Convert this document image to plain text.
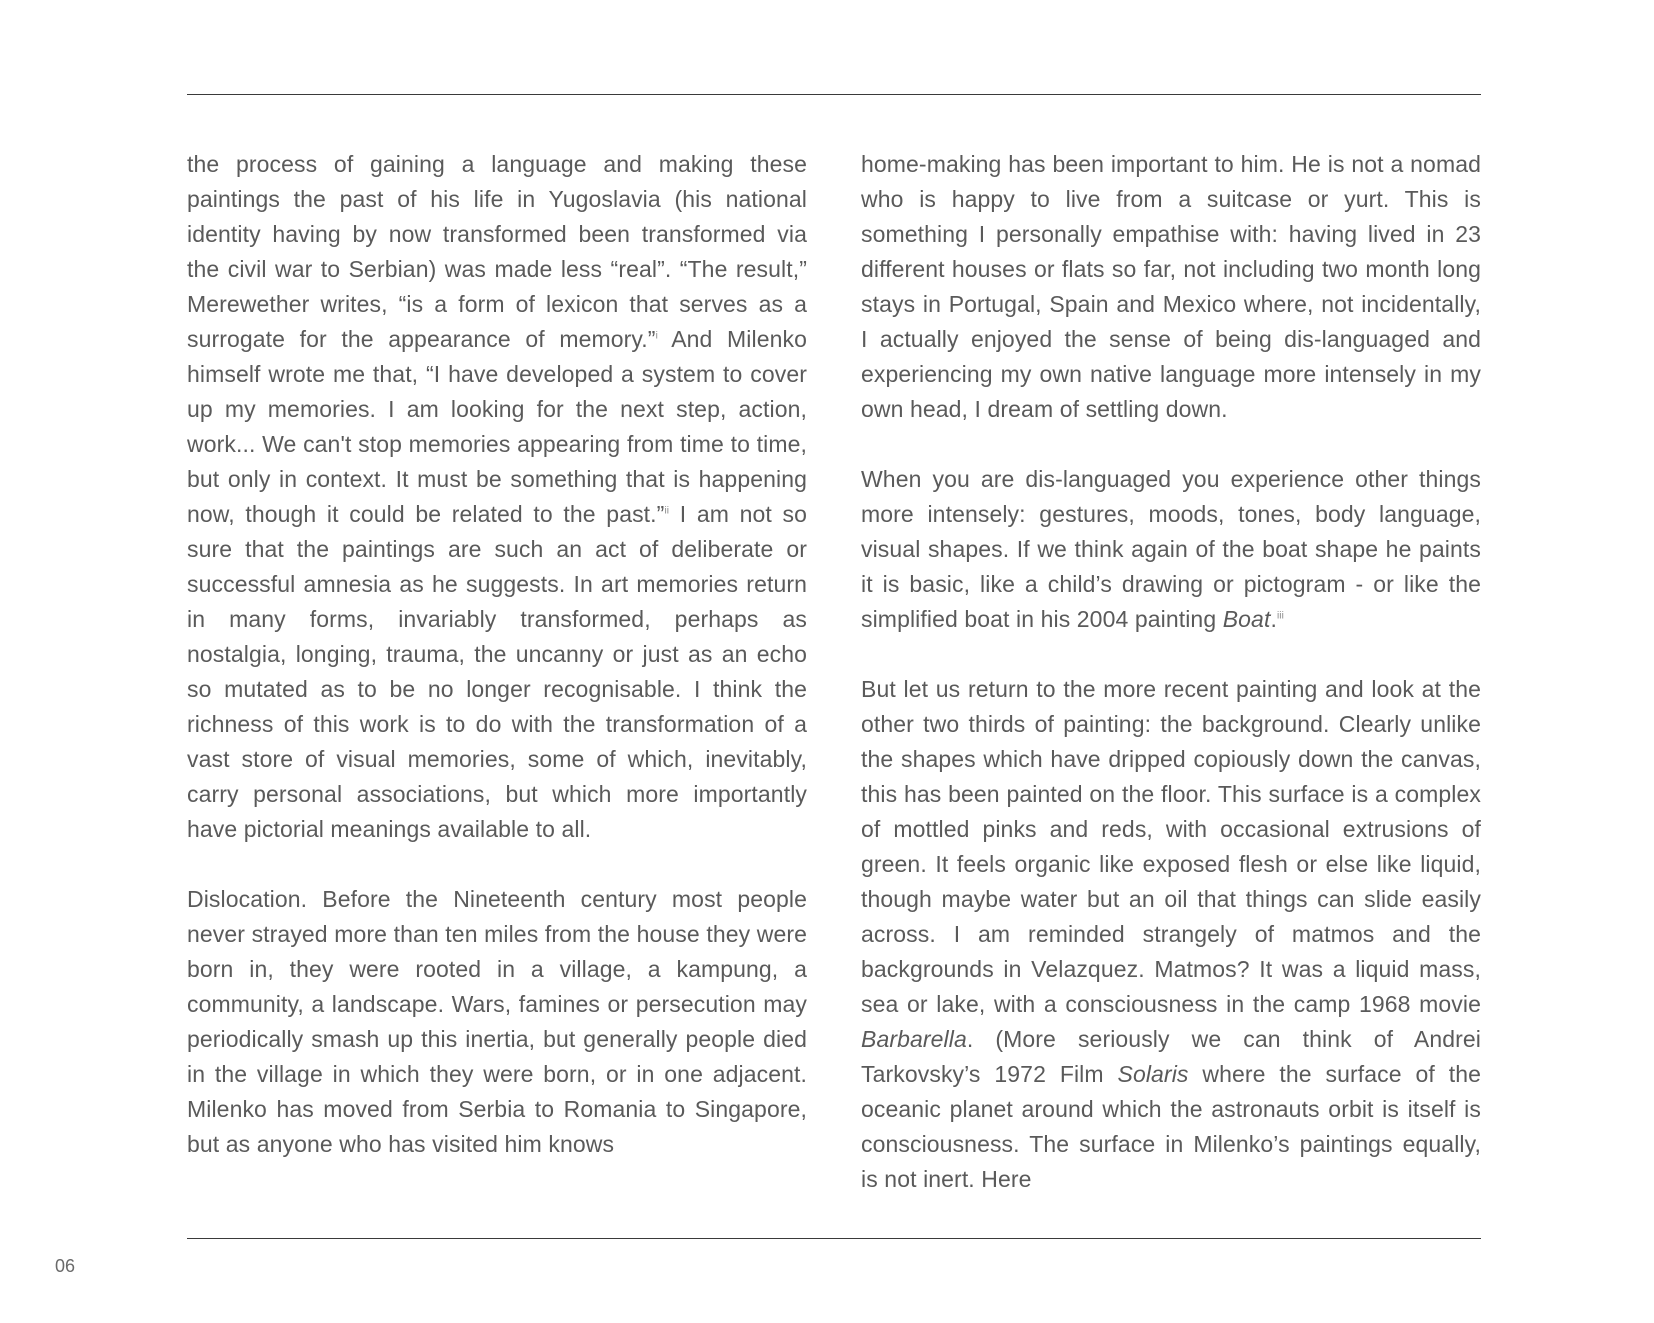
the process of gaining a language and making these paintings the past of his life in Yugoslavia (his national identity having by now transformed been transformed via the civil war to Serbian) was made less “real”. “The result,” Merewether writes, “is a form of lexicon that serves as a surrogate for the appearance of memory.”$^i$ And Milenko himself wrote me that, “I have developed a system to cover up my memories. I am looking for the next step, action, work... We can't stop memories appearing from time to time, but only in context. It must be something that is happening now, though it could be related to the past.”$^{ii}$ I am not so sure that the paintings are such an act of deliberate or successful amnesia as he suggests. In art memories return in many forms, invariably transformed, perhaps as nostalgia, longing, trauma, the uncanny or just as an echo so mutated as to be no longer recognisable. I think the richness of this work is to do with the transformation of a vast store of visual memories, some of which, inevitably, carry personal associations, but which more importantly have pictorial meanings available to all.

Dislocation. Before the Nineteenth century most people never strayed more than ten miles from the house they were born in, they were rooted in a village, a kampung, a community, a landscape. Wars, famines or persecution may periodically smash up this inertia, but generally people died in the village in which they were born, or in one adjacent. Milenko has moved from Serbia to Romania to Singapore, but as anyone who has visited him knows

home-making has been important to him. He is not a nomad who is happy to live from a suitcase or yurt. This is something I personally empathise with: having lived in 23 different houses or flats so far, not including two month long stays in Portugal, Spain and Mexico where, not incidentally, I actually enjoyed the sense of being dis-languaged and experiencing my own native language more intensely in my own head, I dream of settling down.

When you are dis-languaged you experience other things more intensely: gestures, moods, tones, body language, visual shapes. If we think again of the boat shape he paints it is basic, like a child’s drawing or pictogram - or like the simplified boat in his 2004 painting Boat.$^{iii}$

But let us return to the more recent painting and look at the other two thirds of painting: the background. Clearly unlike the shapes which have dripped copiously down the canvas, this has been painted on the floor. This surface is a complex of mottled pinks and reds, with occasional extrusions of green. It feels organic like exposed flesh or else like liquid, though maybe water but an oil that things can slide easily across. I am reminded strangely of matmos and the backgrounds in Velazquez. Matmos? It was a liquid mass, sea or lake, with a consciousness in the camp 1968 movie Barbarella. (More seriously we can think of Andrei Tarkovsky’s 1972 Film Solaris where the surface of the oceanic planet around which the astronauts orbit is itself is consciousness. The surface in Milenko’s paintings equally, is not inert. Here

06
